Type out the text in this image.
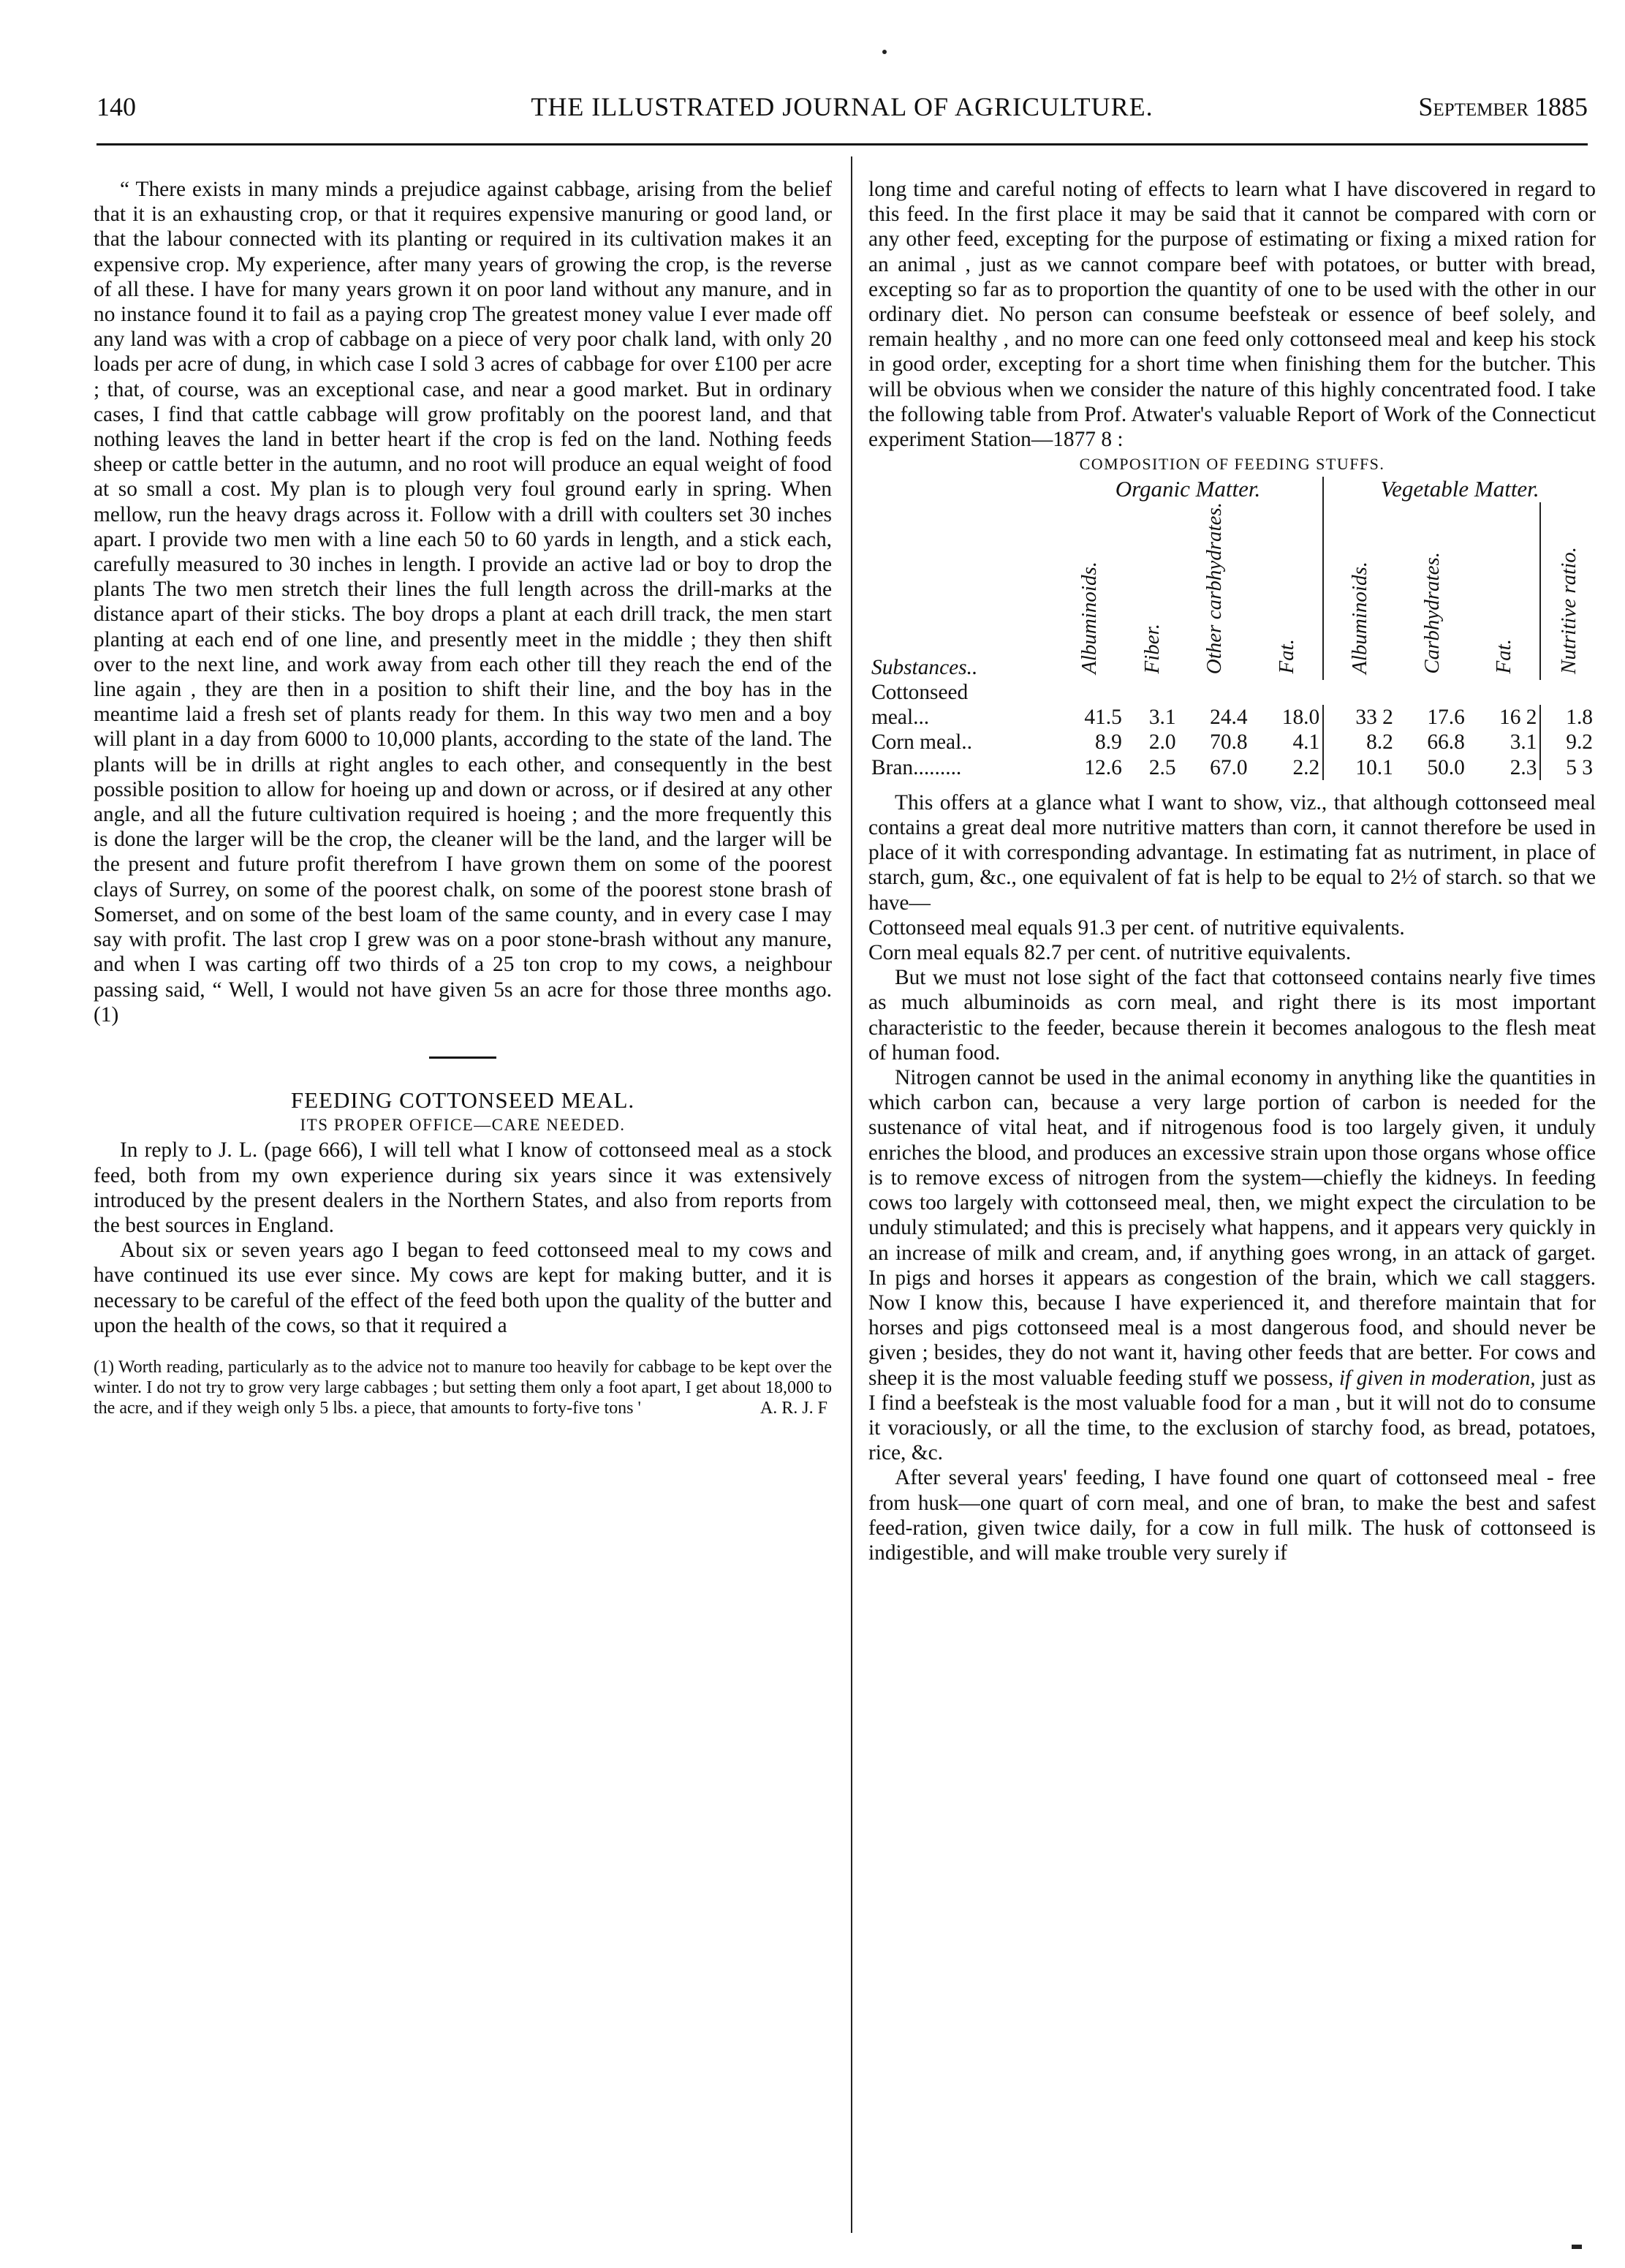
140	THE ILLUSTRATED JOURNAL OF AGRICULTURE.	September 1885

“ There exists in many minds a prejudice against cabbage, arising from the belief that it is an exhausting crop, or that it requires expensive manuring or good land, or that the labour connected with its planting or required in its cultivation makes it an expensive crop. My experience, after many years of growing the crop, is the reverse of all these. I have for many years grown it on poor land without any manure, and in no instance found it to fail as a paying crop The greatest money value I ever made off any land was with a crop of cabbage on a piece of very poor chalk land, with only 20 loads per acre of dung, in which case I sold 3 acres of cabbage for over £100 per acre ; that, of course, was an exceptional case, and near a good market. But in ordinary cases, I find that cattle cabbage will grow profitably on the poorest land, and that nothing leaves the land in better heart if the crop is fed on the land. Nothing feeds sheep or cattle better in the autumn, and no root will produce an equal weight of food at so small a cost. My plan is to plough very foul ground early in spring. When mellow, run the heavy drags across it. Follow with a drill with coulters set 30 inches apart. I provide two men with a line each 50 to 60 yards in length, and a stick each, carefully measured to 30 inches in length. I provide an active lad or boy to drop the plants The two men stretch their lines the full length across the drill-marks at the distance apart of their sticks. The boy drops a plant at each drill track, the men start planting at each end of one line, and presently meet in the middle ; they then shift over to the next line, and work away from each other till they reach the end of the line again , they are then in a position to shift their line, and the boy has in the meantime laid a fresh set of plants ready for them. In this way two men and a boy will plant in a day from 6000 to 10,000 plants, according to the state of the land. The plants will be in drills at right angles to each other, and consequently in the best possible position to allow for hoeing up and down or across, or if desired at any other angle, and all the future cultivation required is hoeing ; and the more frequently this is done the larger will be the crop, the cleaner will be the land, and the larger will be the present and future profit therefrom I have grown them on some of the poorest clays of Surrey, on some of the poorest chalk, on some of the poorest stone brash of Somerset, and on some of the best loam of the same county, and in every case I may say with profit. The last crop I grew was on a poor stone-brash without any manure, and when I was carting off two thirds of a 25 ton crop to my cows, a neighbour passing said, “ Well, I would not have given 5s an acre for those three months ago. (1)

FEEDING COTTONSEED MEAL.

ITS PROPER OFFICE—CARE NEEDED.

In reply to J. L. (page 666), I will tell what I know of cottonseed meal as a stock feed, both from my own experience during six years since it was extensively introduced by the present dealers in the Northern States, and also from reports from the best sources in England.

About six or seven years ago I began to feed cottonseed meal to my cows and have continued its use ever since. My cows are kept for making butter, and it is necessary to be careful of the effect of the feed both upon the quality of the butter and upon the health of the cows, so that it required a

(1) Worth reading, particularly as to the advice not to manure too heavily for cabbage to be kept over the winter. I do not try to grow very large cabbages ; but setting them only a foot apart, I get about 18,000 to the acre, and if they weigh only 5 lbs. a piece, that amounts to forty-five tons '	A. R. J. F

long time and careful noting of effects to learn what I have discovered in regard to this feed. In the first place it may be said that it cannot be compared with corn or any other feed, excepting for the purpose of estimating or fixing a mixed ration for an animal , just as we cannot compare beef with potatoes, or butter with bread, excepting so far as to proportion the quantity of one to be used with the other in our ordinary diet. No person can consume beefsteak or essence of beef solely, and remain healthy , and no more can one feed only cottonseed meal and keep his stock in good order, excepting for a short time when finishing them for the butcher. This will be obvious when we consider the nature of this highly concentrated food. I take the following table from Prof. Atwater's valuable Report of Work of the Connecticut experiment Station—1877 8 :

COMPOSITION OF FEEDING STUFFS.

	Organic Matter.				Vegetable Matter.			
Substances..	Albuminoids.	Fiber.	Other carbhydrates.	Fat.	Albuminoids.	Carbhydrates.	Fat.	Nutritive ratio.
Cottonseed								
meal...	41.5	3.1	24.4	18.0	33 2	17.6	16 2	1.8
Corn meal..	8.9	2.0	70.8	4.1	8.2	66.8	3.1	9.2
Bran.........	12.6	2.5	67.0	2.2	10.1	50.0	2.3	5 3

This offers at a glance what I want to show, viz., that although cottonseed meal contains a great deal more nutritive matters than corn, it cannot therefore be used in place of it with corresponding advantage. In estimating fat as nutriment, in place of starch, gum, &c., one equivalent of fat is help to be equal to 2½ of starch. so that we have—

Cottonseed meal equals 91.3 per cent. of nutritive equivalents.

Corn meal equals 82.7 per cent. of nutritive equivalents.

But we must not lose sight of the fact that cottonseed contains nearly five times as much albuminoids as corn meal, and right there is its most important characteristic to the feeder, because therein it becomes analogous to the flesh meat of human food.

Nitrogen cannot be used in the animal economy in anything like the quantities in which carbon can, because a very large portion of carbon is needed for the sustenance of vital heat, and if nitrogenous food is too largely given, it unduly enriches the blood, and produces an excessive strain upon those organs whose office is to remove excess of nitrogen from the system—chiefly the kidneys. In feeding cows too largely with cottonseed meal, then, we might expect the circulation to be unduly stimulated; and this is precisely what happens, and it appears very quickly in an increase of milk and cream, and, if anything goes wrong, in an attack of garget. In pigs and horses it appears as congestion of the brain, which we call staggers. Now I know this, because I have experienced it, and therefore maintain that for horses and pigs cottonseed meal is a most dangerous food, and should never be given ; besides, they do not want it, having other feeds that are better. For cows and sheep it is the most valuable feeding stuff we possess, if given in moderation, just as I find a beefsteak is the most valuable food for a man , but it will not do to consume it voraciously, or all the time, to the exclusion of starchy food, as bread, potatoes, rice, &c.

After several years' feeding, I have found one quart of cottonseed meal - free from husk—one quart of corn meal, and one of bran, to make the best and safest feed-ration, given twice daily, for a cow in full milk. The husk of cottonseed is indigestible, and will make trouble very surely if
